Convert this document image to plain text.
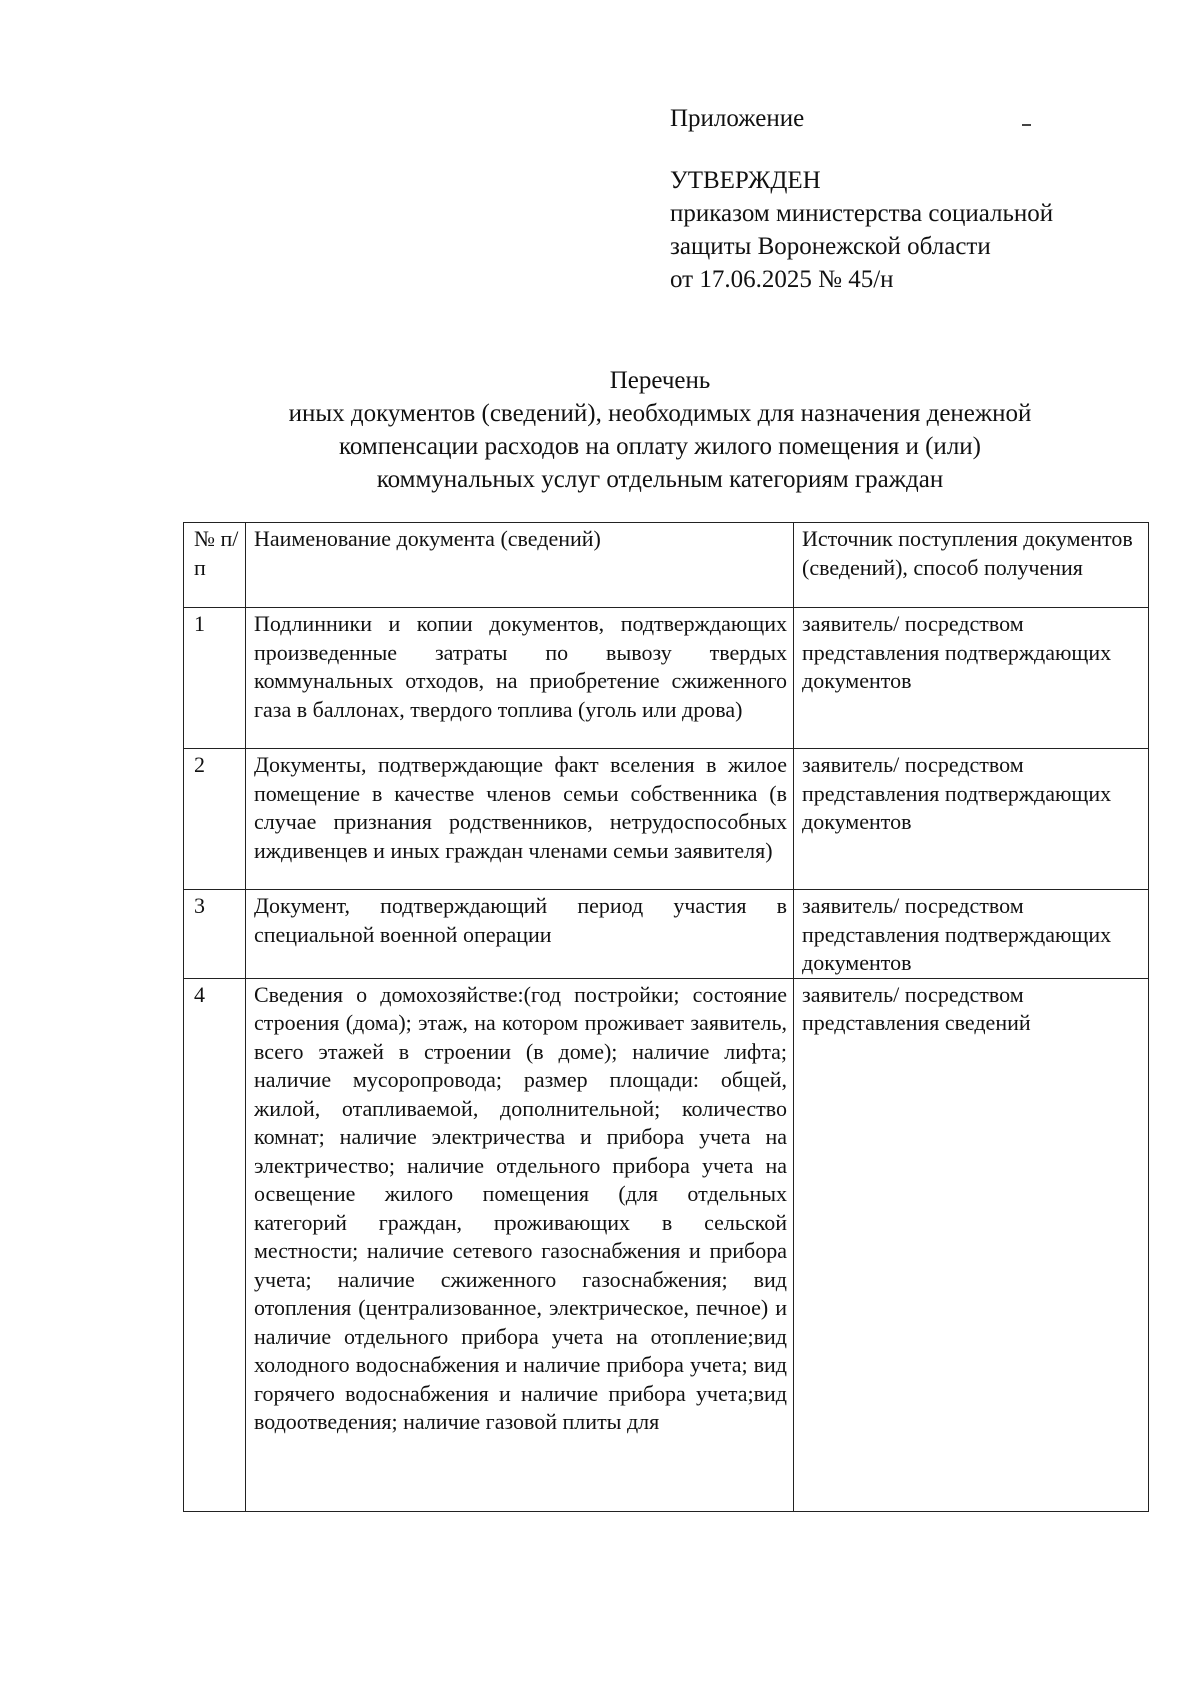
Приложение
УТВЕРЖДЕН
приказом министерства социальной
защиты Воронежской области
от 17.06.2025 № 45/н
Перечень
иных документов (сведений), необходимых для назначения денежной
компенсации расходов на оплату жилого помещения и (или)
коммунальных услуг отдельным категориям граждан
№ п/п	Наименование документа (сведений)	Источник поступления документов (сведений), способ получения
1	Подлинники и копии документов, подтверждающих произведенные затраты по вывозу твердых коммунальных отходов, на приобретение сжиженного газа в баллонах, твердого топлива (уголь или дрова)	заявитель/ посредством представления подтверждающих документов
2	Документы, подтверждающие факт вселения в жилое помещение в качестве членов семьи собственника (в случае признания родственников, нетрудоспособных иждивенцев и иных граждан членами семьи заявителя)	заявитель/ посредством представления подтверждающих документов
3	Документ, подтверждающий период участия в специальной военной операции	заявитель/ посредством представления подтверждающих документов
4	Сведения о домохозяйстве:(год постройки; состояние строения (дома); этаж, на котором проживает заявитель, всего этажей в строении (в доме); наличие лифта; наличие мусоропровода; размер площади: общей, жилой, отапливаемой, дополнительной; количество комнат; наличие электричества и прибора учета на электричество; наличие отдельного прибора учета на освещение жилого помещения (для отдельных категорий граждан, проживающих в сельской местности; наличие сетевого газоснабжения и прибора учета; наличие сжиженного газоснабжения; вид отопления (централизованное, электрическое, печное) и наличие отдельного прибора учета на отопление;вид холодного водоснабжения и наличие прибора учета; вид горячего водоснабжения и наличие прибора учета;вид водоотведения; наличие газовой плиты для	заявитель/ посредством представления сведений
